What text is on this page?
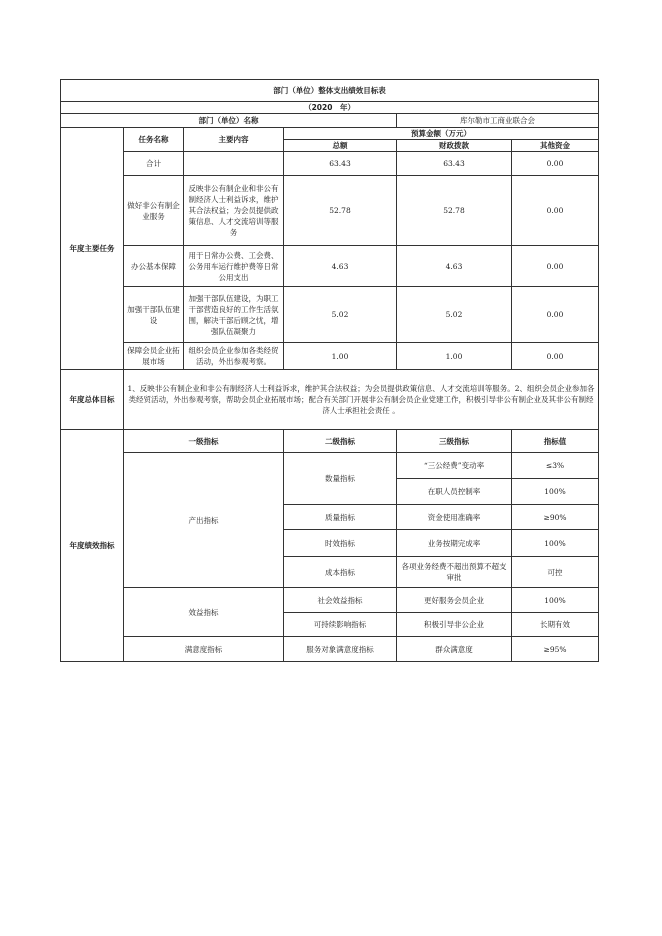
部门（单位）整体支出绩效目标表					
（2020　年）					
部门（单位）名称				库尔勒市工商业联合会	
年度主要任务	任务名称	主要内容	预算金额（万元）		
			总额	财政拨款	其他资金
	合计		63.43	63.43	0.00
	做好非公有制企业服务	反映非公有制企业和非公有制经济人士利益诉求，维护其合法权益；为会员提供政策信息、人才交流培训等服务	52.78	52.78	0.00
	办公基本保障	用于日常办公费、工会费、公务用车运行维护费等日常公用支出	4.63	4.63	0.00
	加强干部队伍建设	加强干部队伍建设，为职工干部营造良好的工作生活氛围，解决干部后顾之忧，增强队伍凝聚力	5.02	5.02	0.00
	保障会员企业拓展市场	组织会员企业参加各类经贸活动，外出参观考察。	1.00	1.00	0.00
年度总体目标	1、反映非公有制企业和非公有制经济人士利益诉求，维护其合法权益；为会员提供政策信息、人才交流培训等服务。2、组织会员企业参加各类经贸活动，外出参观考察，帮助会员企业拓展市场；配合有关部门开展非公有制会员企业党建工作，积极引导非公有制企业及其非公有制经济人士承担社会责任 。				
年度绩效指标	一级指标		二级指标	三级指标	指标值
	产出指标		数量指标	“三公经费”变动率	≤3%
				在职人员控制率	100%
			质量指标	资金使用准确率	≥90%
			时效指标	业务按期完成率	100%
			成本指标	各项业务经费不超出预算不超支审批	可控

	效益指标		社会效益指标	更好服务会员企业	100%
			可持续影响指标	积极引导非公企业	长期有效
	满意度指标		服务对象满意度指标	群众满意度	≥95%
